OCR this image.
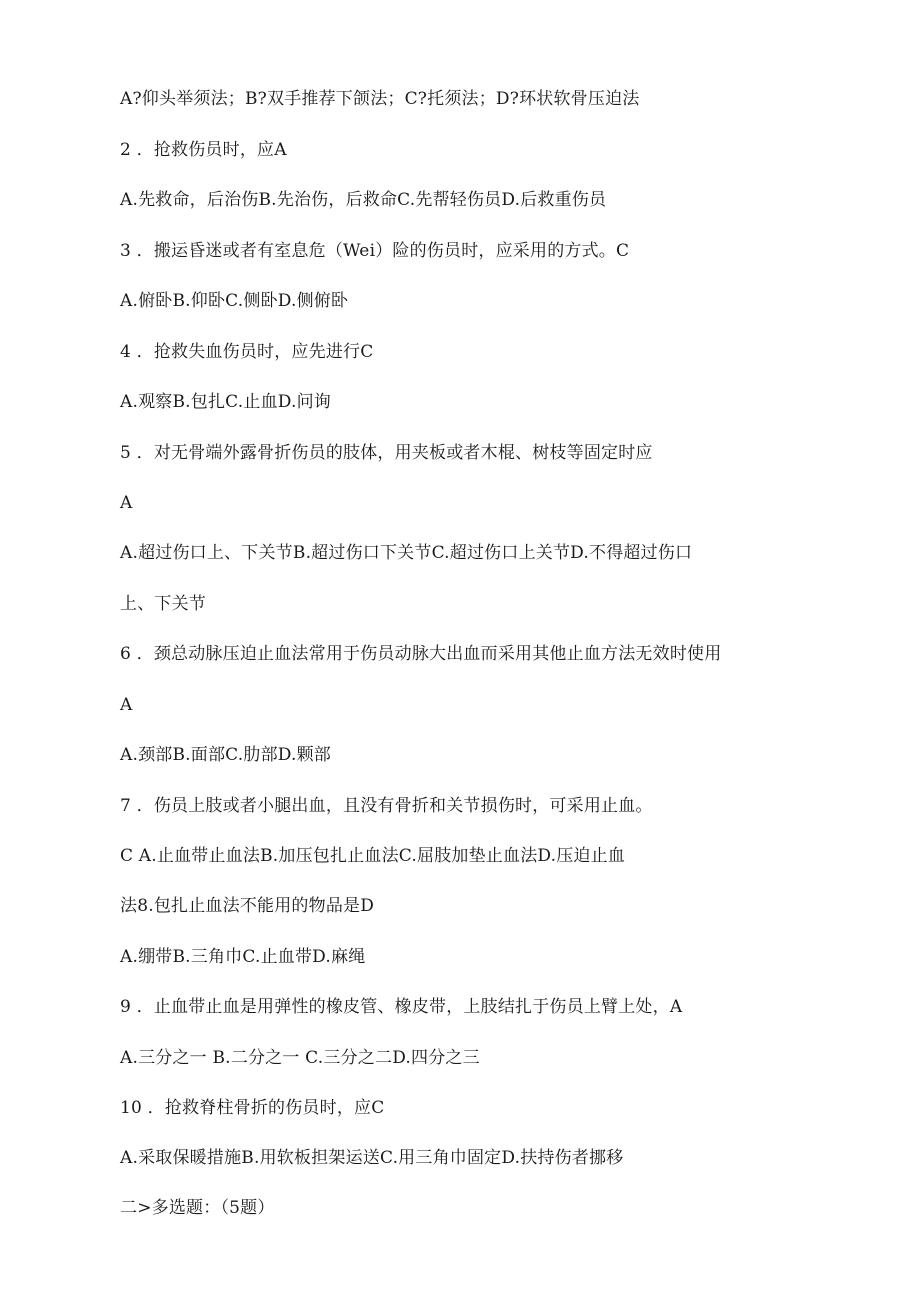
A?仰头举须法；B?双手推荐下颌法；C?托须法；D?环状软骨压迫法
2 ．抢救伤员时，应A
A.先救命，后治伤B.先治伤，后救命C.先帮轻伤员D.后救重伤员
3 ．搬运昏迷或者有室息危（Wei）险的伤员时，应采用的方式。C
A.俯卧B.仰卧C.侧卧D.侧俯卧
4 ．抢救失血伤员时，应先进行C
A.观察B.包扎C.止血D.问询
5 ．对无骨端外露骨折伤员的肢体，用夹板或者木棍、树枝等固定时应
A
A.超过伤口上、下关节B.超过伤口下关节C.超过伤口上关节D.不得超过伤口
上、下关节
6 ．颈总动脉压迫止血法常用于伤员动脉大出血而采用其他止血方法无效时使用
A
A.颈部B.面部C.肋部D.颗部
7 ．伤员上肢或者小腿出血，且没有骨折和关节损伤时，可采用止血。
C A.止血带止血法B.加压包扎止血法C.屈肢加垫止血法D.压迫止血
法8.包扎止血法不能用的物品是D
A.绷带B.三角巾C.止血带D.麻绳
9 ．止血带止血是用弹性的橡皮管、橡皮带，上肢结扎于伤员上臂上处，A
A.三分之一 B.二分之一 C.三分之二D.四分之三
10 ．抢救脊柱骨折的伤员时，应C
A.采取保暖措施B.用软板担架运送C.用三角巾固定D.扶持伤者挪移
二>多选题：（5题）
